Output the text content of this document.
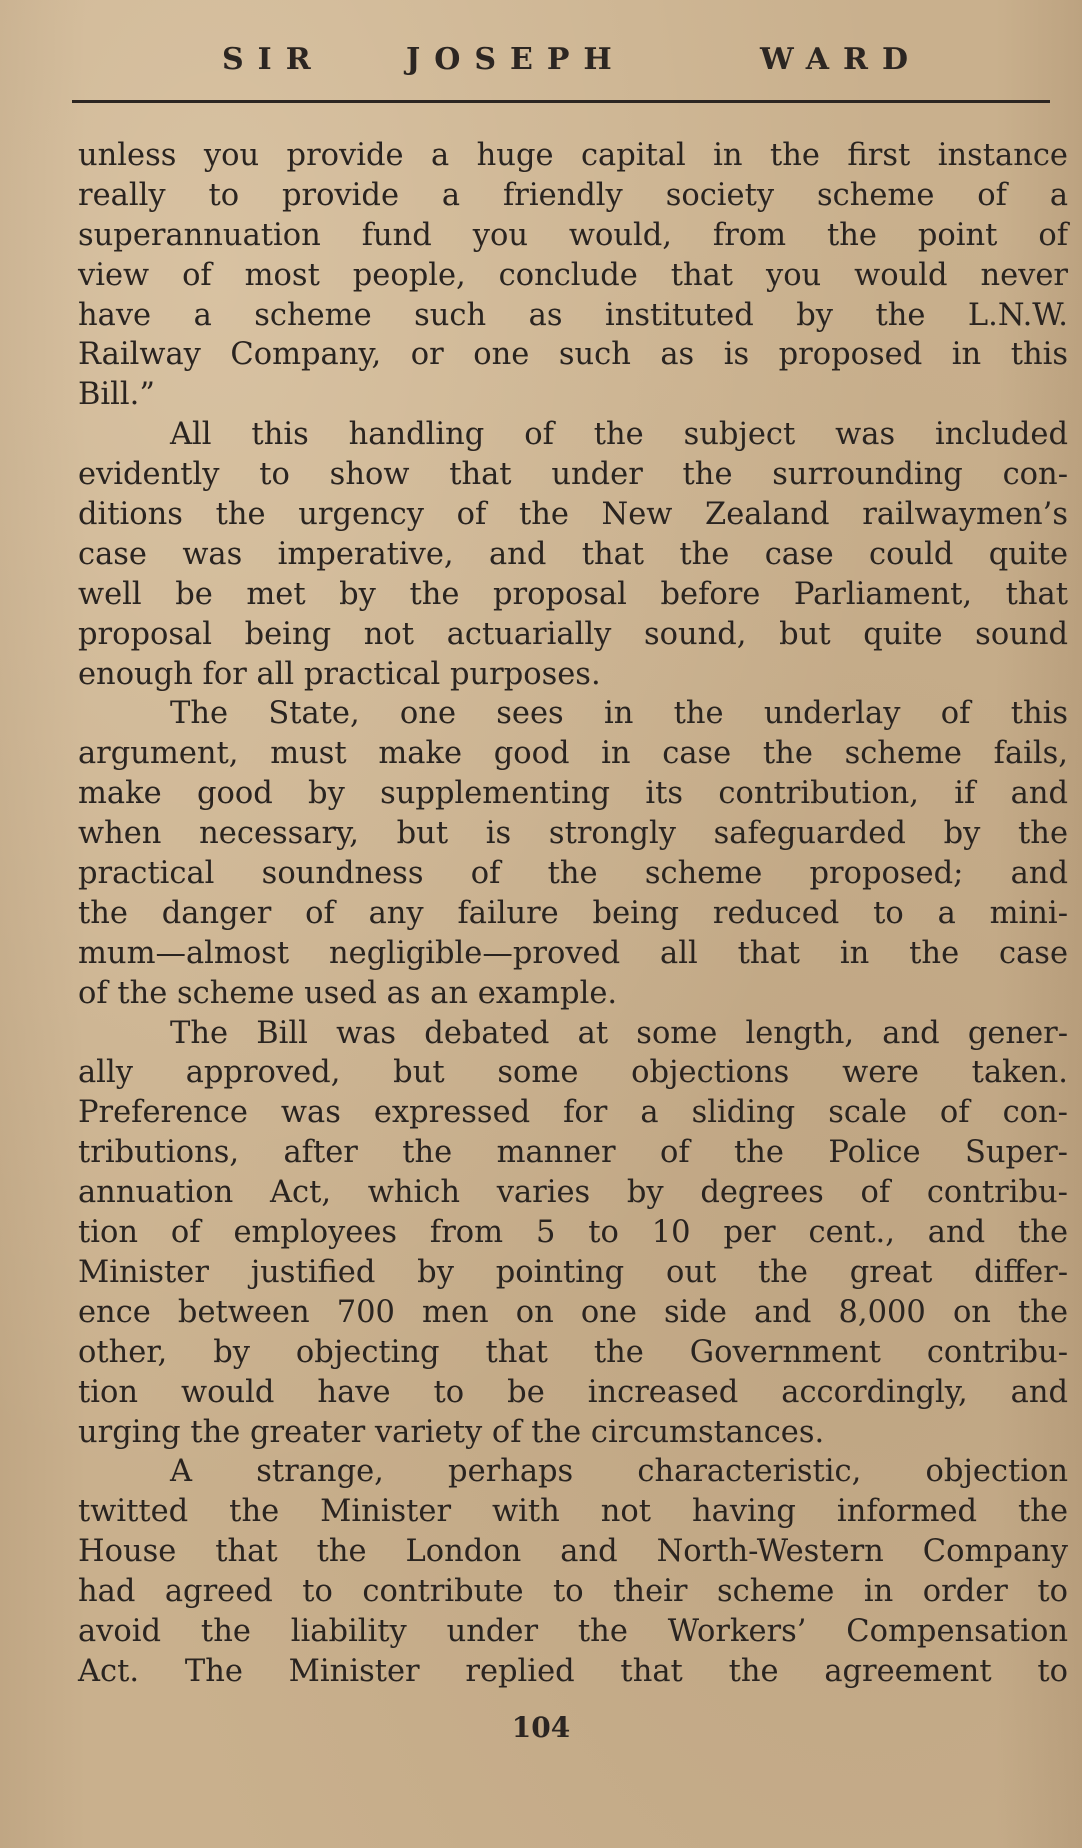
SIR	JOSEPH	WARD
unless you provide a huge capital in the first instance
really to provide a friendly society scheme of a
superannuation fund you would, from the point of
view of most people, conclude that you would never
have a scheme such as instituted by the L.N.W.
Railway Company, or one such as is proposed in this
Bill.”
All this handling of the subject was included
evidently to show that under the surrounding con-
ditions the urgency of the New Zealand railwaymen’s
case was imperative, and that the case could quite
well be met by the proposal before Parliament, that
proposal being not actuarially sound, but quite sound
enough for all practical purposes.
The State, one sees in the underlay of this
argument, must make good in case the scheme fails,
make good by supplementing its contribution, if and
when necessary, but is strongly safeguarded by the
practical soundness of the scheme proposed; and
the danger of any failure being reduced to a mini-
mum—almost negligible—proved all that in the case
of the scheme used as an example.
The Bill was debated at some length, and gener-
ally approved, but some objections were taken.
Preference was expressed for a sliding scale of con-
tributions, after the manner of the Police Super-
annuation Act, which varies by degrees of contribu-
tion of employees from 5 to 10 per cent., and the
Minister justified by pointing out the great differ-
ence between 700 men on one side and 8,000 on the
other, by objecting that the Government contribu-
tion would have to be increased accordingly, and
urging the greater variety of the circumstances.
A strange, perhaps characteristic, objection
twitted the Minister with not having informed the
House that the London and North-Western Company
had agreed to contribute to their scheme in order to
avoid the liability under the Workers’ Compensation
Act. The Minister replied that the agreement to
104
